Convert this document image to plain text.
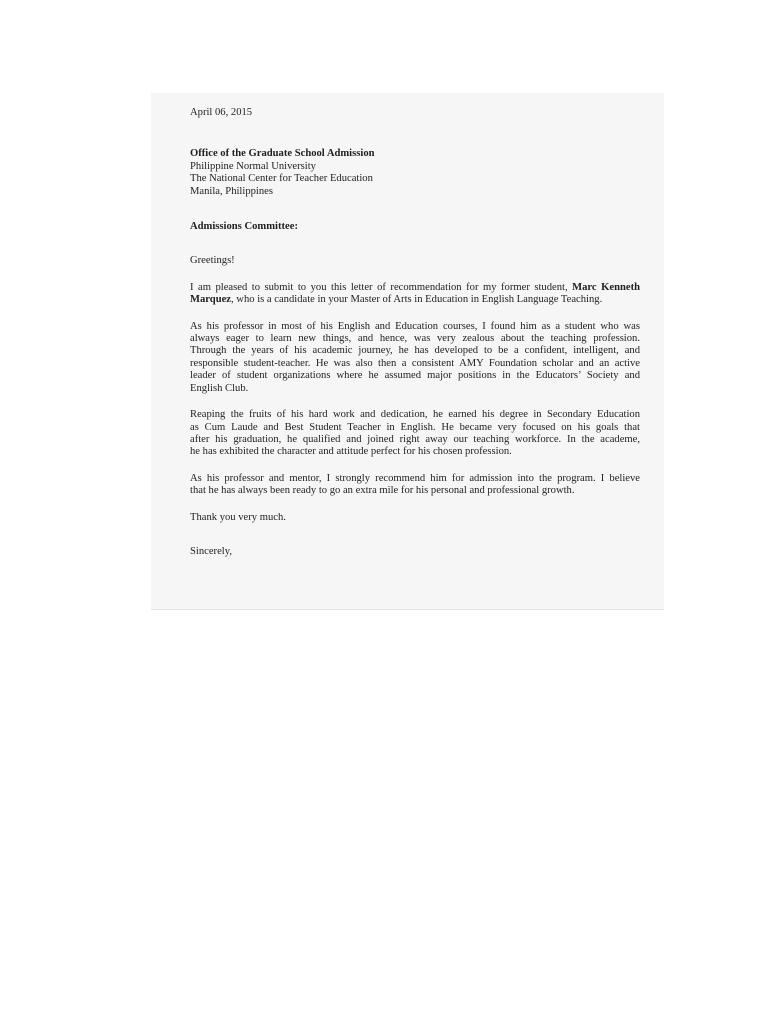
April 06, 2015
Office of the Graduate School Admission
Philippine Normal University
The National Center for Teacher Education
Manila, Philippines
Admissions Committee:
Greetings!
I am pleased to submit to you this letter of recommendation for my former student, Marc Kenneth
Marquez, who is a candidate in your Master of Arts in Education in English Language Teaching.
As his professor in most of his English and Education courses, I found him as a student who was
always eager to learn new things, and hence, was very zealous about the teaching profession.
Through the years of his academic journey, he has developed to be a confident, intelligent, and
responsible student-teacher. He was also then a consistent AMY Foundation scholar and an active
leader of student organizations where he assumed major positions in the Educators’ Society and
English Club.
Reaping the fruits of his hard work and dedication, he earned his degree in Secondary Education
as Cum Laude and Best Student Teacher in English. He became very focused on his goals that
after his graduation, he qualified and joined right away our teaching workforce. In the academe,
he has exhibited the character and attitude perfect for his chosen profession.
As his professor and mentor, I strongly recommend him for admission into the program. I believe
that he has always been ready to go an extra mile for his personal and professional growth.
Thank you very much.
Sincerely,
